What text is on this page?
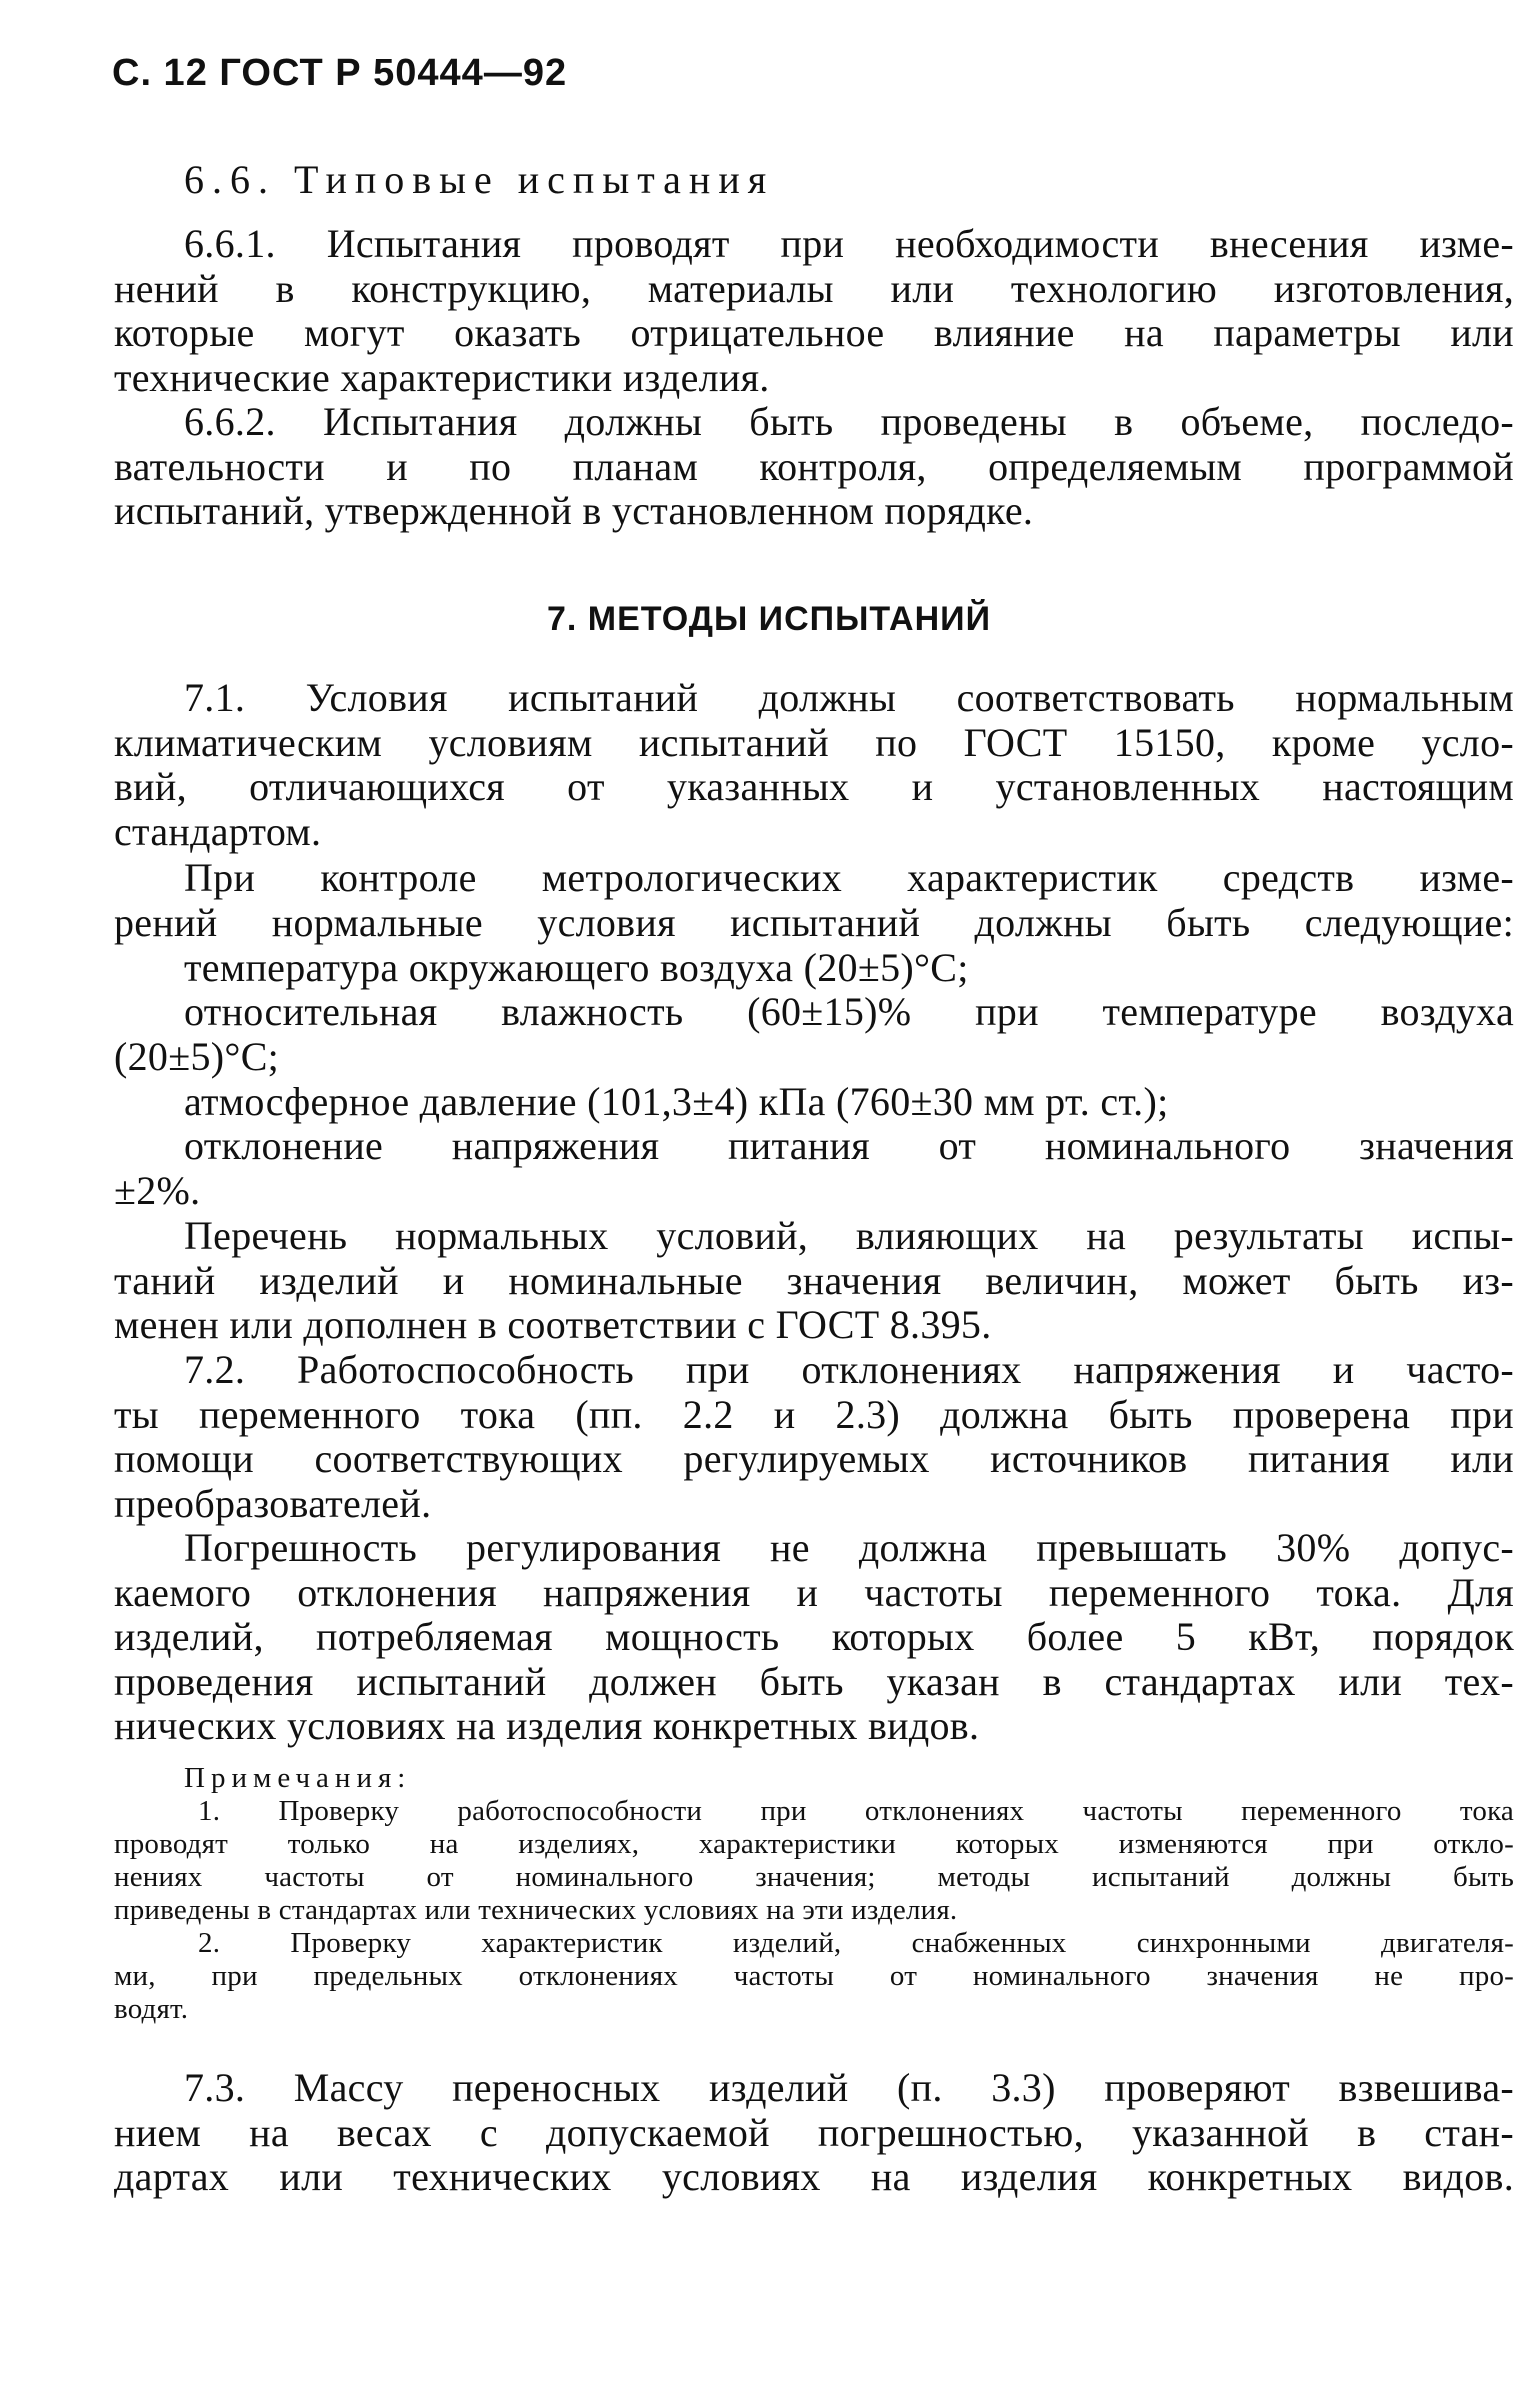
С. 12 ГОСТ Р 50444—92
6.6. Типовые испытания
6.6.1. Испытания проводят при необходимости внесения изме-
нений в конструкцию, материалы или технологию изготовления,
которые могут оказать отрицательное влияние на параметры или
технические характеристики изделия.
6.6.2. Испытания должны быть проведены в объеме, последо-
вательности и по планам контроля, определяемым программой
испытаний, утвержденной в установленном порядке.
7. МЕТОДЫ ИСПЫТАНИЙ
7.1. Условия испытаний должны соответствовать нормальным
климатическим условиям испытаний по ГОСТ 15150, кроме усло-
вий, отличающихся от указанных и установленных настоящим
стандартом.
При контроле метрологических характеристик средств изме-
рений нормальные условия испытаний должны быть следующие:
температура окружающего воздуха (20±5)°С;
относительная влажность (60±15)% при температуре воздуха
(20±5)°С;
атмосферное давление (101,3±4) кПа (760±30 мм рт. ст.);
отклонение напряжения питания от номинального значения
±2%.
Перечень нормальных условий, влияющих на результаты испы-
таний изделий и номинальные значения величин, может быть из-
менен или дополнен в соответствии с ГОСТ 8.395.
7.2. Работоспособность при отклонениях напряжения и часто-
ты переменного тока (пп. 2.2 и 2.3) должна быть проверена при
помощи соответствующих регулируемых источников питания или
преобразователей.
Погрешность регулирования не должна превышать 30% допус-
каемого отклонения напряжения и частоты переменного тока. Для
изделий, потребляемая мощность которых более 5 кВт, порядок
проведения испытаний должен быть указан в стандартах или тех-
нических условиях на изделия конкретных видов.
Примечания:
1. Проверку работоспособности при отклонениях частоты переменного тока
проводят только на изделиях, характеристики которых изменяются при откло-
нениях частоты от номинального значения; методы испытаний должны быть
приведены в стандартах или технических условиях на эти изделия.
2. Проверку характеристик изделий, снабженных синхронными двигателя-
ми, при предельных отклонениях частоты от номинального значения не про-
водят.
7.3. Массу переносных изделий (п. 3.3) проверяют взвешива-
нием на весах с допускаемой погрешностью, указанной в стан-
дартах или технических условиях на изделия конкретных видов.
